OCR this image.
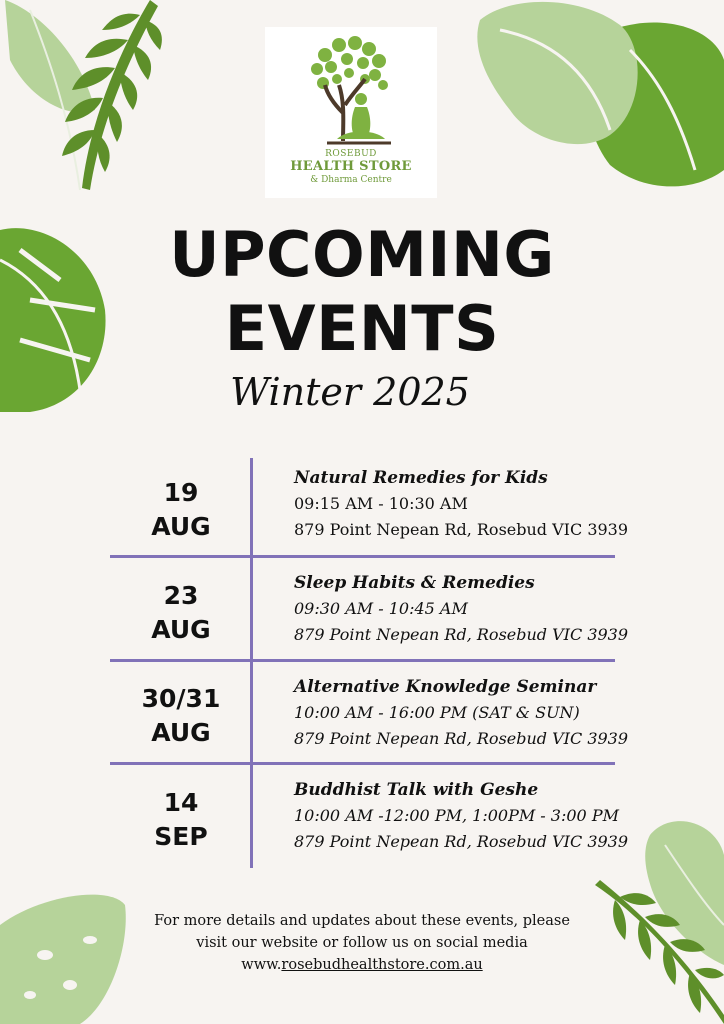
ROSEBUD
HEALTH STORE
& Dharma Centre
UPCOMING
EVENTS
Winter 2025
19
AUG
Natural Remedies for Kids
09:15 AM - 10:30 AM
879 Point Nepean Rd, Rosebud VIC 3939
23
AUG
Sleep Habits & Remedies
09:30 AM - 10:45 AM
879 Point Nepean Rd, Rosebud VIC 3939
30/31
AUG
Alternative Knowledge Seminar
10:00 AM - 16:00 PM (SAT & SUN)
879 Point Nepean Rd, Rosebud VIC 3939
14
SEP
Buddhist Talk with Geshe
10:00 AM -12:00 PM, 1:00PM - 3:00 PM
879 Point Nepean Rd, Rosebud VIC 3939
For more details and updates about these events, please
visit our website or follow us on social media
www.rosebudhealthstore.com.au
